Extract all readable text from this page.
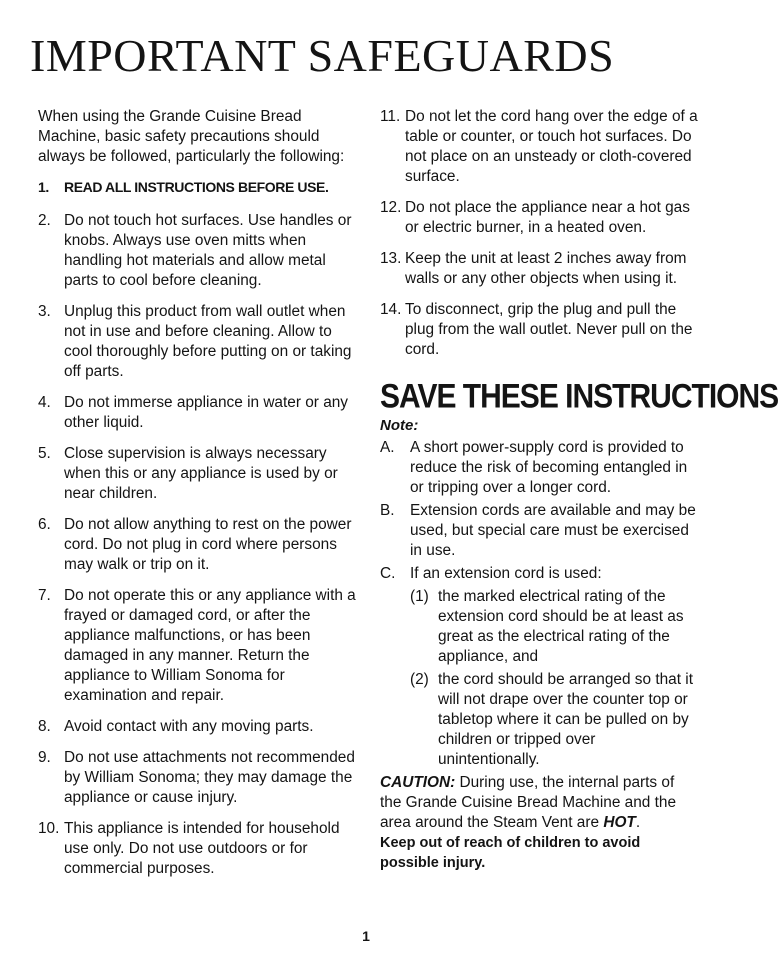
IMPORTANT SAFEGUARDS

When using the Grande Cuisine Bread Machine, basic safety precautions should always be followed, particularly the following:

1. READ ALL INSTRUCTIONS BEFORE USE.
2. Do not touch hot surfaces. Use handles or knobs. Always use oven mitts when handling hot materials and allow metal parts to cool before cleaning.
3. Unplug this product from wall outlet when not in use and before cleaning. Allow to cool thoroughly before putting on or taking off parts.
4. Do not immerse appliance in water or any other liquid.
5. Close supervision is always necessary when this or any appliance is used by or near children.
6. Do not allow anything to rest on the power cord. Do not plug in cord where persons may walk or trip on it.
7. Do not operate this or any appliance with a frayed or damaged cord, or after the appliance malfunctions, or has been damaged in any manner. Return the appliance to William Sonoma for examination and repair.
8. Avoid contact with any moving parts.
9. Do not use attachments not recommended by William Sonoma; they may damage the appliance or cause injury.
10. This appliance is intended for household use only. Do not use outdoors or for commercial purposes.
11. Do not let the cord hang over the edge of a table or counter, or touch hot surfaces. Do not place on an unsteady or cloth-covered surface.
12. Do not place the appliance near a hot gas or electric burner, in a heated oven.
13. Keep the unit at least 2 inches away from walls or any other objects when using it.
14. To disconnect, grip the plug and pull the plug from the wall outlet. Never pull on the cord.
SAVE THESE INSTRUCTIONS
Note:
A. A short power-supply cord is provided to reduce the risk of becoming entangled in or tripping over a longer cord.
B. Extension cords are available and may be used, but special care must be exercised in use.
C. If an extension cord is used:
(1) the marked electrical rating of the extension cord should be at least as great as the electrical rating of the appliance, and
(2) the cord should be arranged so that it will not drape over the counter top or tabletop where it can be pulled on by children or tripped over unintentionally.
CAUTION: During use, the internal parts of the Grande Cuisine Bread Machine and the area around the Steam Vent are HOT.
Keep out of reach of children to avoid possible injury.
1
